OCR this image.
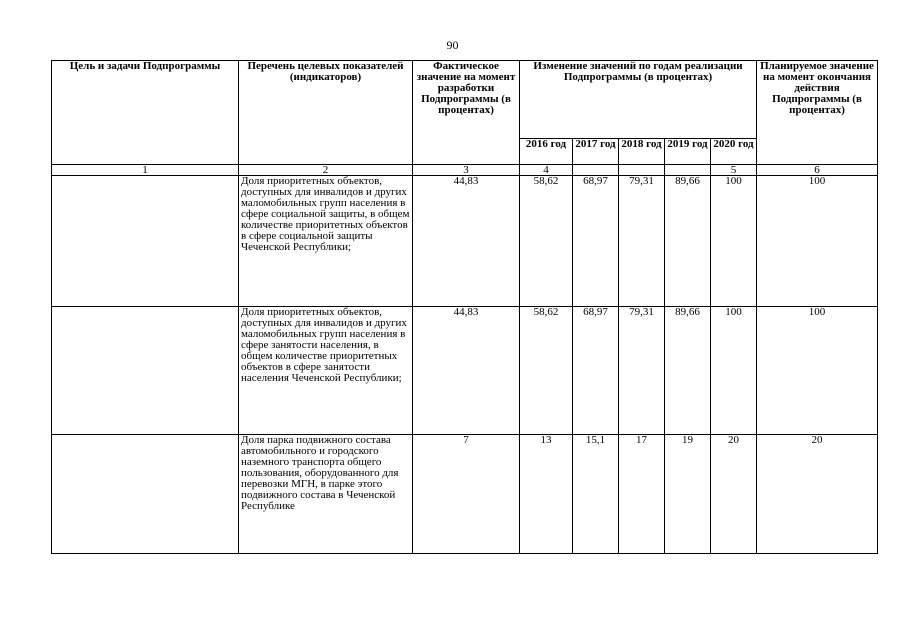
90
Цель и задачи Подпрограммы	Перечень целевых показателей (индикаторов)	Фактическое значение на момент разработки Подпрограммы (в процентах)	Изменение значений по годам реализации Подпрограммы (в процентах)					Планируемое значение на момент окончания действия Подпрограммы (в процентах)
			2016 год	2017 год	2018 год	2019 год	2020 год	
1	2	3	4				5	6
	Доля приоритетных объектов, доступных для инвалидов и других маломобильных групп населения в сфере социальной защиты, в общем количестве приоритетных объектов в сфере социальной защиты Чеченской Республики;	44,83	58,62	68,97	79,31	89,66	100	100
	Доля приоритетных объектов, доступных для инвалидов и других маломобильных групп населения в сфере занятости населения, в общем количестве приоритетных объектов в сфере занятости населения Чеченской Республики;	44,83	58,62	68,97	79,31	89,66	100	100
	Доля парка подвижного состава автомобильного и городского наземного транспорта общего пользования, оборудованного для перевозки МГН, в парке этого подвижного состава в Чеченской Республике	7	13	15,1	17	19	20	20
